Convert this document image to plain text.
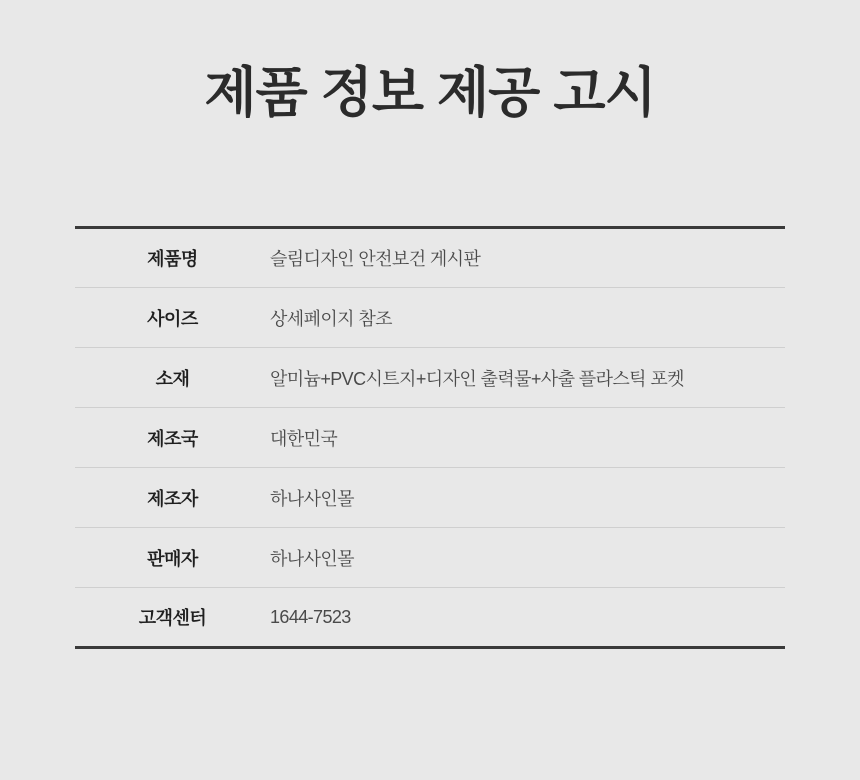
제품 정보 제공 고시
제품명	슬림디자인 안전보건 게시판
사이즈	상세페이지 참조
소재	알미늄+PVC시트지+디자인 출력물+사출 플라스틱 포켓
제조국	대한민국
제조자	하나사인몰
판매자	하나사인몰
고객센터	1644-7523
